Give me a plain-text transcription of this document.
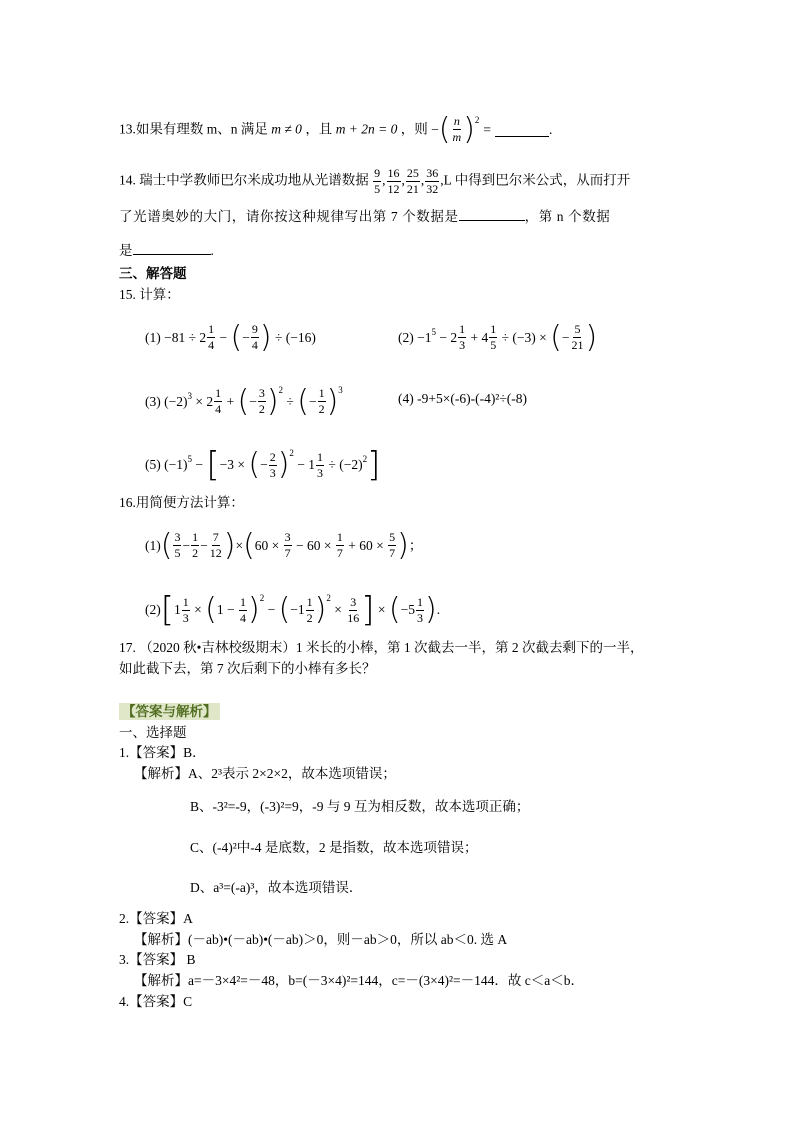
13.如果有理数 m、n 满足 m ≠ 0 ，且 m + 2n = 0 ，则 − ( $\frac{n}{m} )^2$
=	.
14. 瑞士中学教师巴尔米成功地从光谱数据 $\frac{9}{5}$ , $\frac{16}{12}$ , $\frac{25}{21}$ , $\frac{36}{32} ,L$ 中得到巴尔米公式，从而打开
了光谱奥妙的大门，请你按这种规律写出第 7 个数据是	，第 n 个数据
是	.
三、解答题
15. 计算：
$(1) -81 \div 2 \frac{1}{4}$ − ( − $\frac{9}{4}$ ) ÷ (−16)	$(2) -1^5 - 2 \frac{1}{3} + 4 \frac{1}{5} \div (-3)$ × ( − $\frac{5}{21}$ )
(3) $(-2)^3 \times 2 \frac{1}{4}$ + ( − $\frac{3}{2} )^2$
÷ ( − $\frac{1}{2} )^3$
(4) -9+5×(-6)-(-4)²÷(-8)
(5) $(-1)^5$ − [ −3 × ( − $\frac{2}{3} )^2$
− $1 \frac{1}{3} \div (-2)^2$ ]
16.用简便方法计算：
(1) ( $\frac{3}{5} - \frac{1}{2} - \frac{7}{12}$ ) × ( $60 \times \frac{3}{7} - 60 \times \frac{1}{7} + 60 \times \frac{5}{7}$ ) ；
(2) [ $1 \frac{1}{3}$ × ( $1 - \frac{1}{4} )^2$
− ( $-1 \frac{1}{2} )^2$
× $\frac{3}{16}$ ] × ( $-5 \frac{1}{3}$ ) .
17. （2020 秋•吉林校级期末）1 米长的小棒，第 1 次截去一半，第 2 次截去剩下的一半，
如此截下去，第 7 次后剩下的小棒有多长？
【答案与解析】
一、选择题
1.【答案】B．
【解析】A、2³表示 2×2×2，故本选项错误；
B、-3²=-9，(-3)²=9，-9 与 9 互为相反数，故本选项正确；
C、(-4)²中-4 是底数，2 是指数，故本选项错误；
D、a³=(-a)³，故本选项错误．
2.【答案】A
【解析】(－ab)•(－ab)•(－ab)＞0，则－ab＞0，所以 ab＜0. 选 A
3.【答案】 B
【解析】a=－3×4²=－48，b=(－3×4)²=144，c=－(3×4)²=－144．故 c＜a＜b．
4.【答案】C
